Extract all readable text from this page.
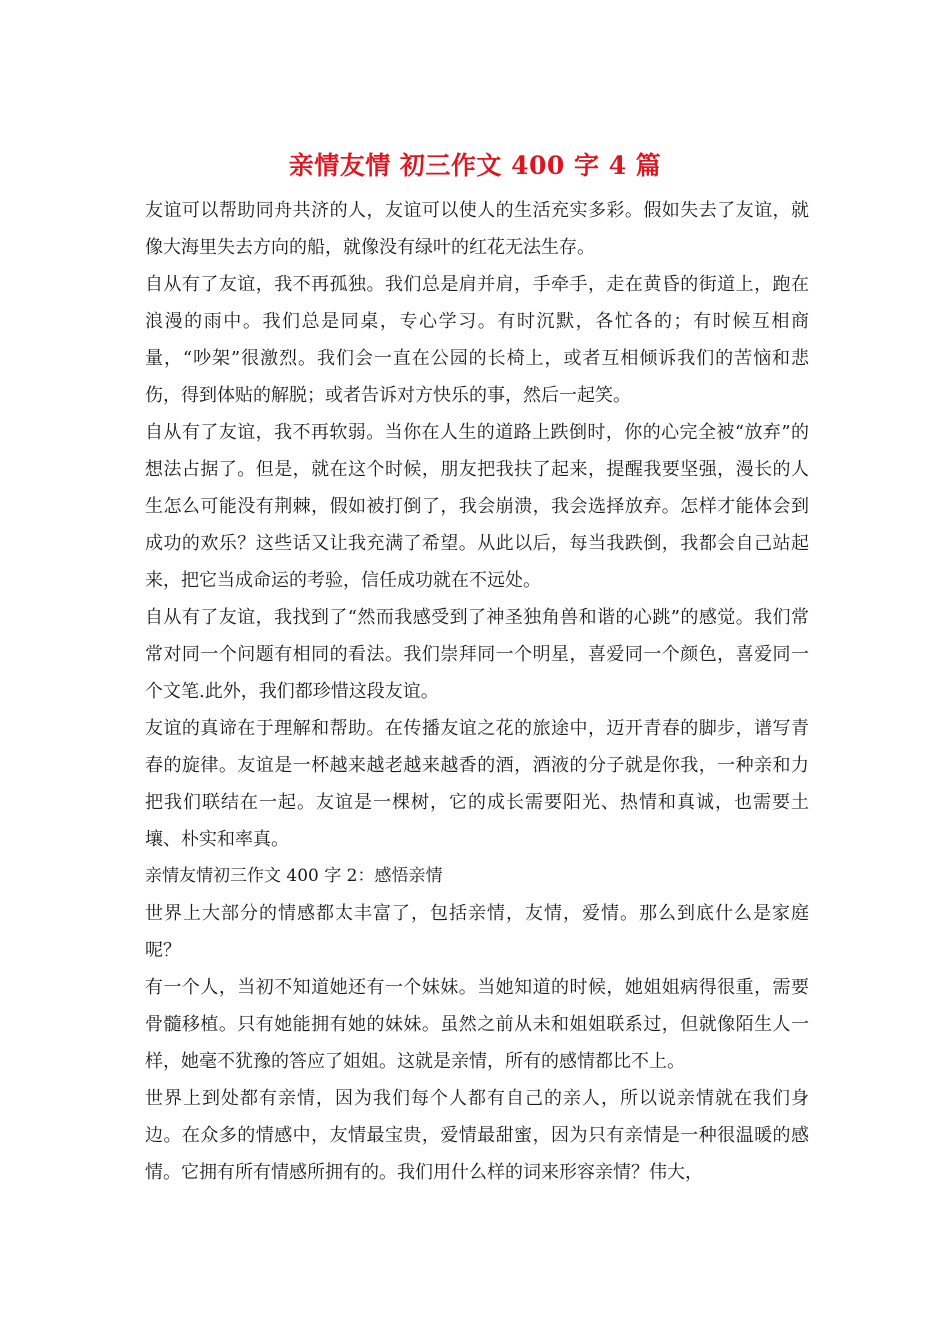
亲情友情 初三作文 400 字 4 篇

友谊可以帮助同舟共济的人，友谊可以使人的生活充实多彩。假如失去了友谊，就像大海里失去方向的船，就像没有绿叶的红花无法生存。

自从有了友谊，我不再孤独。我们总是肩并肩，手牵手，走在黄昏的街道上，跑在浪漫的雨中。我们总是同桌，专心学习。有时沉默，各忙各的；有时候互相商量，“吵架”很激烈。我们会一直在公园的长椅上，或者互相倾诉我们的苦恼和悲伤，得到体贴的解脱；或者告诉对方快乐的事，然后一起笑。

自从有了友谊，我不再软弱。当你在人生的道路上跌倒时，你的心完全被“放弃”的想法占据了。但是，就在这个时候，朋友把我扶了起来，提醒我要坚强，漫长的人生怎么可能没有荆棘，假如被打倒了，我会崩溃，我会选择放弃。怎样才能体会到成功的欢乐？这些话又让我充满了希望。从此以后，每当我跌倒，我都会自己站起来，把它当成命运的考验，信任成功就在不远处。

自从有了友谊，我找到了“然而我感受到了神圣独角兽和谐的心跳”的感觉。我们常常对同一个问题有相同的看法。我们崇拜同一个明星，喜爱同一个颜色，喜爱同一个文笔.此外，我们都珍惜这段友谊。

友谊的真谛在于理解和帮助。在传播友谊之花的旅途中，迈开青春的脚步，谱写青春的旋律。友谊是一杯越来越老越来越香的酒，酒液的分子就是你我，一种亲和力把我们联结在一起。友谊是一棵树，它的成长需要阳光、热情和真诚，也需要土壤、朴实和率真。

亲情友情初三作文 400 字 2：感悟亲情

世界上大部分的情感都太丰富了，包括亲情，友情，爱情。那么到底什么是家庭呢？

有一个人，当初不知道她还有一个妹妹。当她知道的时候，她姐姐病得很重，需要骨髓移植。只有她能拥有她的妹妹。虽然之前从未和姐姐联系过，但就像陌生人一样，她毫不犹豫的答应了姐姐。这就是亲情，所有的感情都比不上。

世界上到处都有亲情，因为我们每个人都有自己的亲人，所以说亲情就在我们身边。在众多的情感中，友情最宝贵，爱情最甜蜜，因为只有亲情是一种很温暖的感情。它拥有所有情感所拥有的。我们用什么样的词来形容亲情？伟大，
